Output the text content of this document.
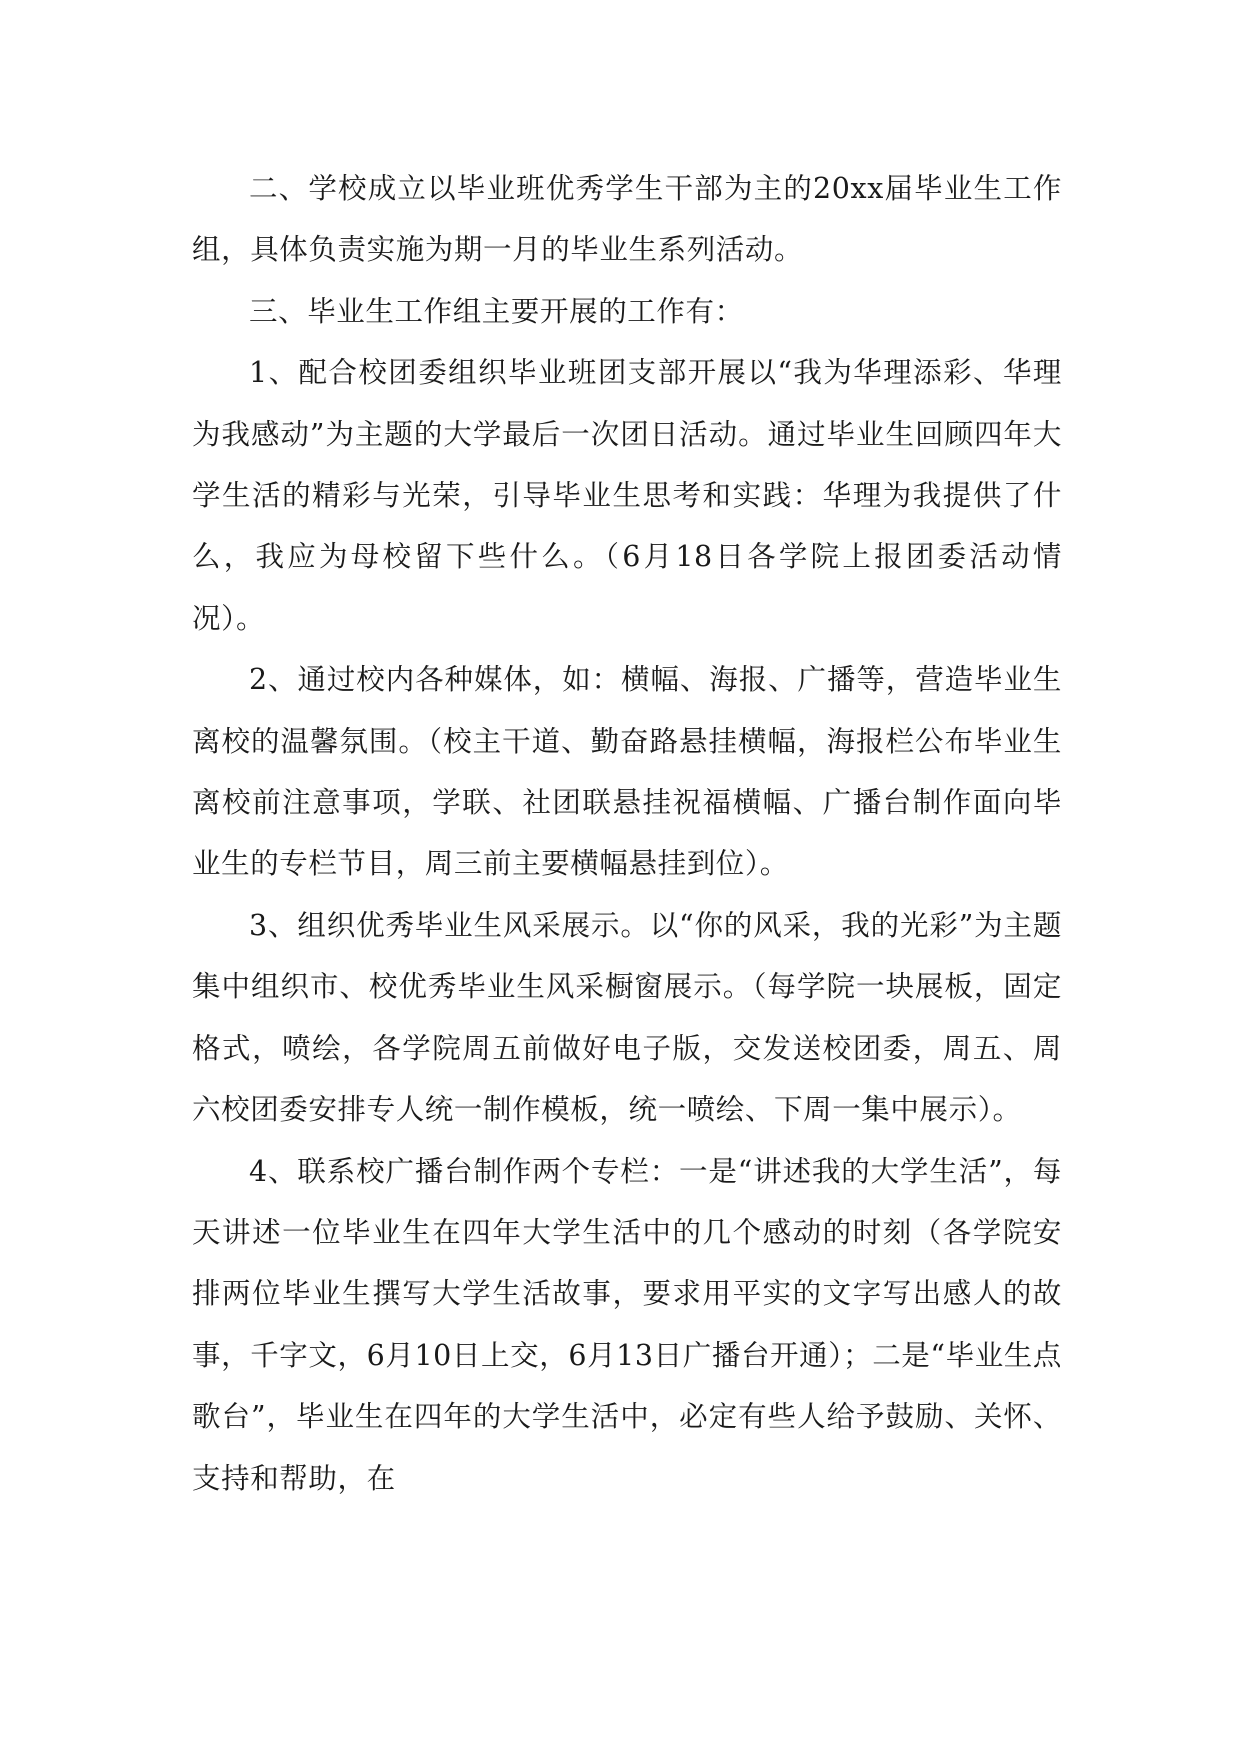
二、学校成立以毕业班优秀学生干部为主的20xx届毕业生工作组，具体负责实施为期一月的毕业生系列活动。

三、毕业生工作组主要开展的工作有：

1、配合校团委组织毕业班团支部开展以“我为华理添彩、华理为我感动”为主题的大学最后一次团日活动。通过毕业生回顾四年大学生活的精彩与光荣，引导毕业生思考和实践：华理为我提供了什么，我应为母校留下些什么。（6月18日各学院上报团委活动情况）。

2、通过校内各种媒体，如：横幅、海报、广播等，营造毕业生离校的温馨氛围。（校主干道、勤奋路悬挂横幅，海报栏公布毕业生离校前注意事项，学联、社团联悬挂祝福横幅、广播台制作面向毕业生的专栏节目，周三前主要横幅悬挂到位）。

3、组织优秀毕业生风采展示。以“你的风采，我的光彩”为主题集中组织市、校优秀毕业生风采橱窗展示。（每学院一块展板，固定格式，喷绘，各学院周五前做好电子版，交发送校团委，周五、周六校团委安排专人统一制作模板，统一喷绘、下周一集中展示）。

4、联系校广播台制作两个专栏：一是“讲述我的大学生活”，每天讲述一位毕业生在四年大学生活中的几个感动的时刻（各学院安排两位毕业生撰写大学生活故事，要求用平实的文字写出感人的故事，千字文，6月10日上交，6月13日广播台开通）；二是“毕业生点歌台”，毕业生在四年的大学生活中，必定有些人给予鼓励、关怀、支持和帮助，在
